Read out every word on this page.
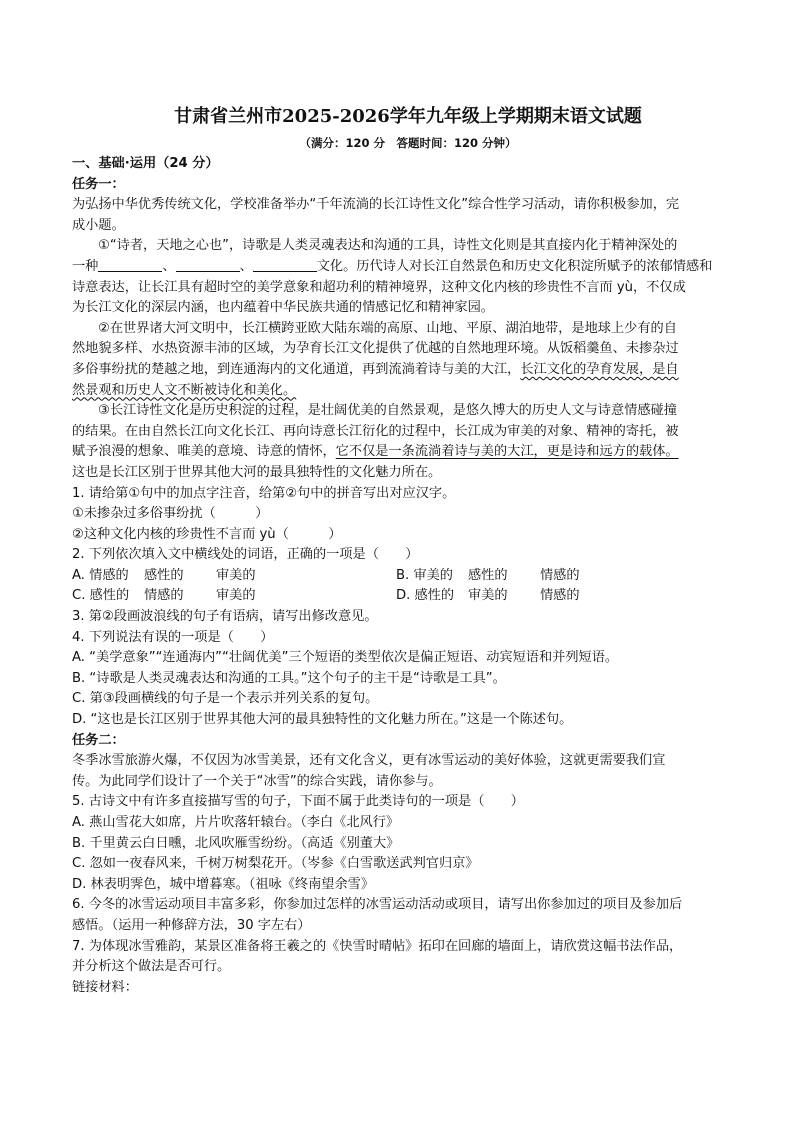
甘肃省兰州市2025-2026学年九年级上学期期末语文试题
（满分：120 分　答题时间：120 分钟）
一、基础·运用（24 分）
任务一：
为弘扬中华优秀传统文化，学校准备举办“千年流淌的长江诗性文化”综合性学习活动，请你积极参加，完
成小题。
①“诗者，天地之心也”，诗歌是人类灵魂表达和沟通的工具，诗性文化则是其直接内化于精神深处的
一种	、	、	文化。历代诗人对长江自然景色和历史文化积淀所赋予的浓郁情感和
诗意表达，让长江具有超时空的美学意象和超功利的精神境界，这种文化内核的珍贵性不言而 yù，不仅成
为长江文化的深层内涵，也内蕴着中华民族共通的情感记忆和精神家园。
②在世界诸大河文明中，长江横跨亚欧大陆东端的高原、山地、平原、湖泊地带，是地球上少有的自
然地貌多样、水热资源丰沛的区域，为孕育长江文化提供了优越的自然地理环境。从饭稻羹鱼、未掺杂过
多俗事纷扰的楚越之地，到连通海内的文化通道，再到流淌着诗与美的大江，长江文化的孕育发展，是自
然景观和历史人文不断被诗化和美化。
③长江诗性文化是历史积淀的过程，是壮阔优美的自然景观，是悠久博大的历史人文与诗意情感碰撞
的结果。在由自然长江向文化长江、再向诗意长江衍化的过程中，长江成为审美的对象、精神的寄托，被
赋予浪漫的想象、唯美的意境、诗意的情怀，它不仅是一条流淌着诗与美的大江，更是诗和远方的载体。
这也是长江区别于世界其他大河的最具独特性的文化魅力所在。
1. 请给第①句中的加点字注音，给第②句中的拼音写出对应汉字。
①未掺杂过多俗事纷扰（　　　）
②这种文化内核的珍贵性不言而 yù（　　　）
2. 下列依次填入文中横线处的词语，正确的一项是（　　）
A. 情感的	感性的	审美的	B. 审美的	感性的	情感的
C. 感性的	情感的	审美的	D. 感性的	审美的	情感的
3. 第②段画波浪线的句子有语病，请写出修改意见。
4. 下列说法有误的一项是（　　）
A. “美学意象”“连通海内”“壮阔优美”三个短语的类型依次是偏正短语、动宾短语和并列短语。
B. “诗歌是人类灵魂表达和沟通的工具。”这个句子的主干是“诗歌是工具”。
C. 第③段画横线的句子是一个表示并列关系的复句。
D. “这也是长江区别于世界其他大河的最具独特性的文化魅力所在。”这是一个陈述句。
任务二：
冬季冰雪旅游火爆，不仅因为冰雪美景，还有文化含义，更有冰雪运动的美好体验，这就更需要我们宣
传。为此同学们设计了一个关于“冰雪”的综合实践，请你参与。
5. 古诗文中有许多直接描写雪的句子，下面不属于此类诗句的一项是（　　）
A. 燕山雪花大如席，片片吹落轩辕台。（李白《北风行》
B. 千里黄云白日曛，北风吹雁雪纷纷。（高适《别董大》
C. 忽如一夜春风来，千树万树梨花开。（岑参《白雪歌送武判官归京》
D. 林表明霁色，城中增暮寒。（祖咏《终南望余雪》
6. 今冬的冰雪运动项目丰富多彩，你参加过怎样的冰雪运动活动或项目，请写出你参加过的项目及参加后
感悟。（运用一种修辞方法，30 字左右）
7. 为体现冰雪雅韵，某景区准备将王羲之的《快雪时晴帖》拓印在回廊的墙面上，请欣赏这幅书法作品，
并分析这个做法是否可行。
链接材料：
